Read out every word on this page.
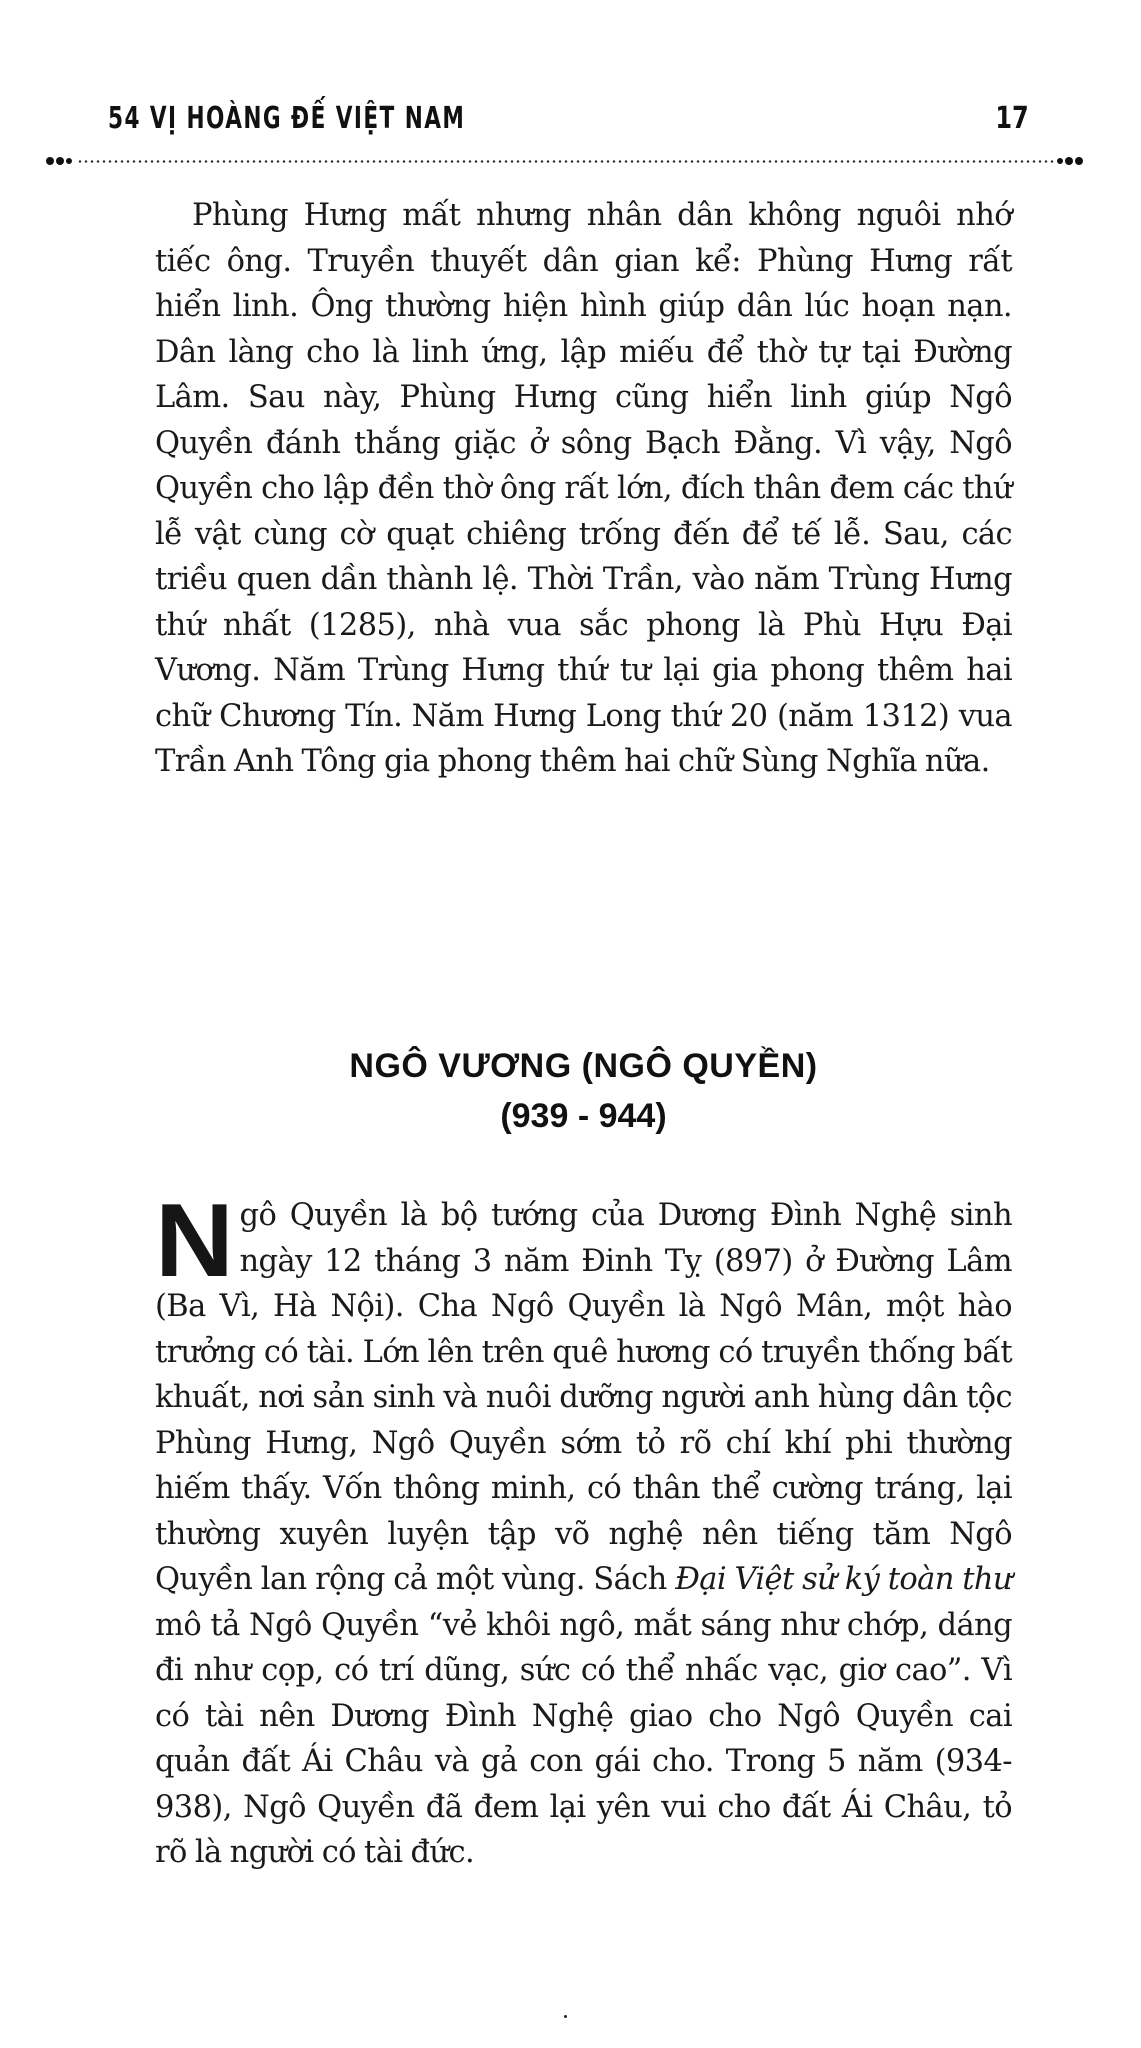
54 VỊ HOÀNG ĐẾ VIỆT NAM	17

Phùng Hưng mất nhưng nhân dân không nguôi nhớ tiếc ông. Truyền thuyết dân gian kể: Phùng Hưng rất hiển linh. Ông thường hiện hình giúp dân lúc hoạn nạn. Dân làng cho là linh ứng, lập miếu để thờ tự tại Đường Lâm. Sau này, Phùng Hưng cũng hiển linh giúp Ngô Quyền đánh thắng giặc ở sông Bạch Đằng. Vì vậy, Ngô Quyền cho lập đền thờ ông rất lớn, đích thân đem các thứ lễ vật cùng cờ quạt chiêng trống đến để tế lễ. Sau, các triều quen dần thành lệ. Thời Trần, vào năm Trùng Hưng thứ nhất (1285), nhà vua sắc phong là Phù Hựu Đại Vương. Năm Trùng Hưng thứ tư lại gia phong thêm hai chữ Chương Tín. Năm Hưng Long thứ 20 (năm 1312) vua Trần Anh Tông gia phong thêm hai chữ Sùng Nghĩa nữa.

NGÔ VƯƠNG (NGÔ QUYỀN)
(939 - 944)

Ngô Quyền là bộ tướng của Dương Đình Nghệ sinh ngày 12 tháng 3 năm Đinh Tỵ (897) ở Đường Lâm (Ba Vì, Hà Nội). Cha Ngô Quyền là Ngô Mân, một hào trưởng có tài. Lớn lên trên quê hương có truyền thống bất khuất, nơi sản sinh và nuôi dưỡng người anh hùng dân tộc Phùng Hưng, Ngô Quyền sớm tỏ rõ chí khí phi thường hiếm thấy. Vốn thông minh, có thân thể cường tráng, lại thường xuyên luyện tập võ nghệ nên tiếng tăm Ngô Quyền lan rộng cả một vùng. Sách Đại Việt sử ký toàn thư mô tả Ngô Quyền “vẻ khôi ngô, mắt sáng như chớp, dáng đi như cọp, có trí dũng, sức có thể nhấc vạc, giơ cao”. Vì có tài nên Dương Đình Nghệ giao cho Ngô Quyền cai quản đất Ái Châu và gả con gái cho. Trong 5 năm (934-938), Ngô Quyền đã đem lại yên vui cho đất Ái Châu, tỏ rõ là người có tài đức.
